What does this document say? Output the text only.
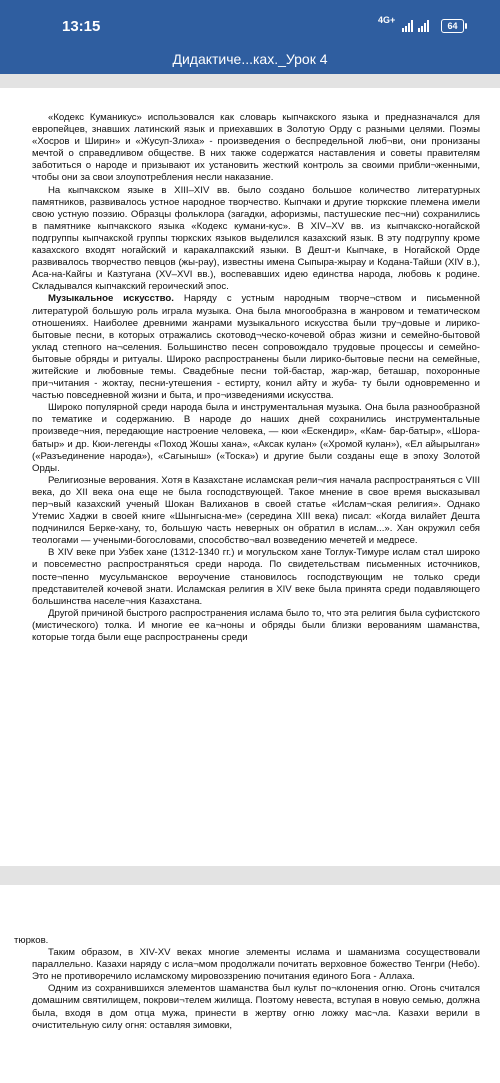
13:15	4G+
64
Дидактиче...ках._Урок 4

«Кодекс Куманикус» использовался как словарь кыпчакского языка и предназначался для европейцев, знавших латинский язык и приехавших в Золотую Орду с разными целями. Поэмы «Хосров и Ширин» и «Жусуп-Злиха» - произведения о беспредельной люб¬ви, они пронизаны мечтой о справедливом обществе. В них также содержатся наставления и советы правителям заботиться о народе и призывают их установить жесткий контроль за своими прибли¬женными, чтобы они за свои злоупотребления несли наказание.

На кыпчакском языке в XIII–XIV вв. было создано большое количество литературных памятников, развивалось устное народное творчество. Кыпчаки и другие тюркские племена имели свою устную поэзию. Образцы фольклора (загадки, афоризмы, пастушеские пес¬ни) сохранились в памятнике кыпчакского языка «Кодекс кумани-кус». В XIV–XV вв. из кыпчакско-ногайской подгруппы кыпчакской группы тюркских языков выделился казахский язык. В эту подгруппу кроме казахского входят ногайский и каракалпакский языки. В Дешт-и Кыпчаке, в Ногайской Орде развивалось творчество певцов (жы-рау), известны имена Сыпыра-жырау и Кодана-Тайши (XIV в.), Аса-на-Кайгы и Казтугана (XV–XVI вв.), воспевавших идею единства народа, любовь к родине. Складывался кыпчакский героический эпос.

Музыкальное искусство. Наряду с устным народным творче¬ством и письменной литературой большую роль играла музыка. Она была многообразна в жанровом и тематическом отношениях. Наиболее древними жанрами музыкального искусства были тру¬довые и лирико-бытовые песни, в которых отражались скотовод¬ческо-кочевой образ жизни и семейно-бытовой уклад степного на¬селения. Большинство песен сопровождало трудовые процессы и семейно-бытовые обряды и ритуалы. Широко распространены были лирико-бытовые песни на семейные, житейские и любовные темы. Свадебные песни той-бастар, жар-жар, беташар, похоронные при¬читания - жоктау, песни-утешения - естирту, конил айту и жуба- ту были одновременно и частью повседневной жизни и быта, и про¬изведениями искусства.

Широко популярной среди народа была и инструментальная музыка. Она была разнообразной по тематике и содержанию. В народе до наших дней сохранились инструментальные произведе¬ния, передающие настроение человека, — кюи «Ескендир», «Кам- бар-батыр», «Шора-батыр» и др. Кюи-легенды «Поход Жошы хана», «Аксак кулан» («Хромой кулан»), «Ел айырылган» («Разъединение народа»), «Сагыныш» («Тоска») и другие были созданы еще в эпоху Золотой Орды.

Религиозные верования. Хотя в Казахстане исламская рели¬гия начала распространяться с VIII века, до XII века она еще не была господствующей. Такое мнение в свое время высказывал пер¬вый казахский ученый Шокан Валиханов в своей статье «Ислам¬ская религия». Однако Утемис Хаджи в своей книге «Шынгысна-ме» (середина XIII века) писал: «Когда вилайет Дешта подчинился Берке-хану, то, большую часть неверных он обратил в ислам...». Хан окружил себя теологами — учеными-богословами, способство¬вал возведению мечетей и медресе.

В XIV веке при Узбек хане (1312-1340 гг.) и могульском хане Тоглук-Тимуре ислам стал широко и повсеместно распространяться среди народа. По свидетельствам письменных источников, посте¬пенно мусульманское вероучение становилось господствующим не только среди представителей кочевой знати. Исламская религия в XIV веке была принята среди подавляющего большинства населе¬ния Казахстана.

Другой причиной быстрого распространения ислама было то, что эта религия была суфистского (мистического) толка. И многие ее ка¬ноны и обряды были близки верованиям шаманства, которые тогда были еще распространены среди

тюрков.

Таким образом, в XIV-XV веках многие элементы ислама и шаманизма сосуществовали параллельно. Казахи наряду с исла¬мом продолжали почитать верховное божество Тенгри (Небо). Это не противоречило исламскому мировоззрению почитания единого Бога - Аллаха.

Одним из сохранившихся элементов шаманства был культ по¬клонения огню. Огонь считался домашним святилищем, покрови¬телем жилища. Поэтому невеста, вступая в новую семью, должна была, входя в дом отца мужа, принести в жертву огню ложку мас¬ла. Казахи верили в очистительную силу огня: оставляя зимовки,
